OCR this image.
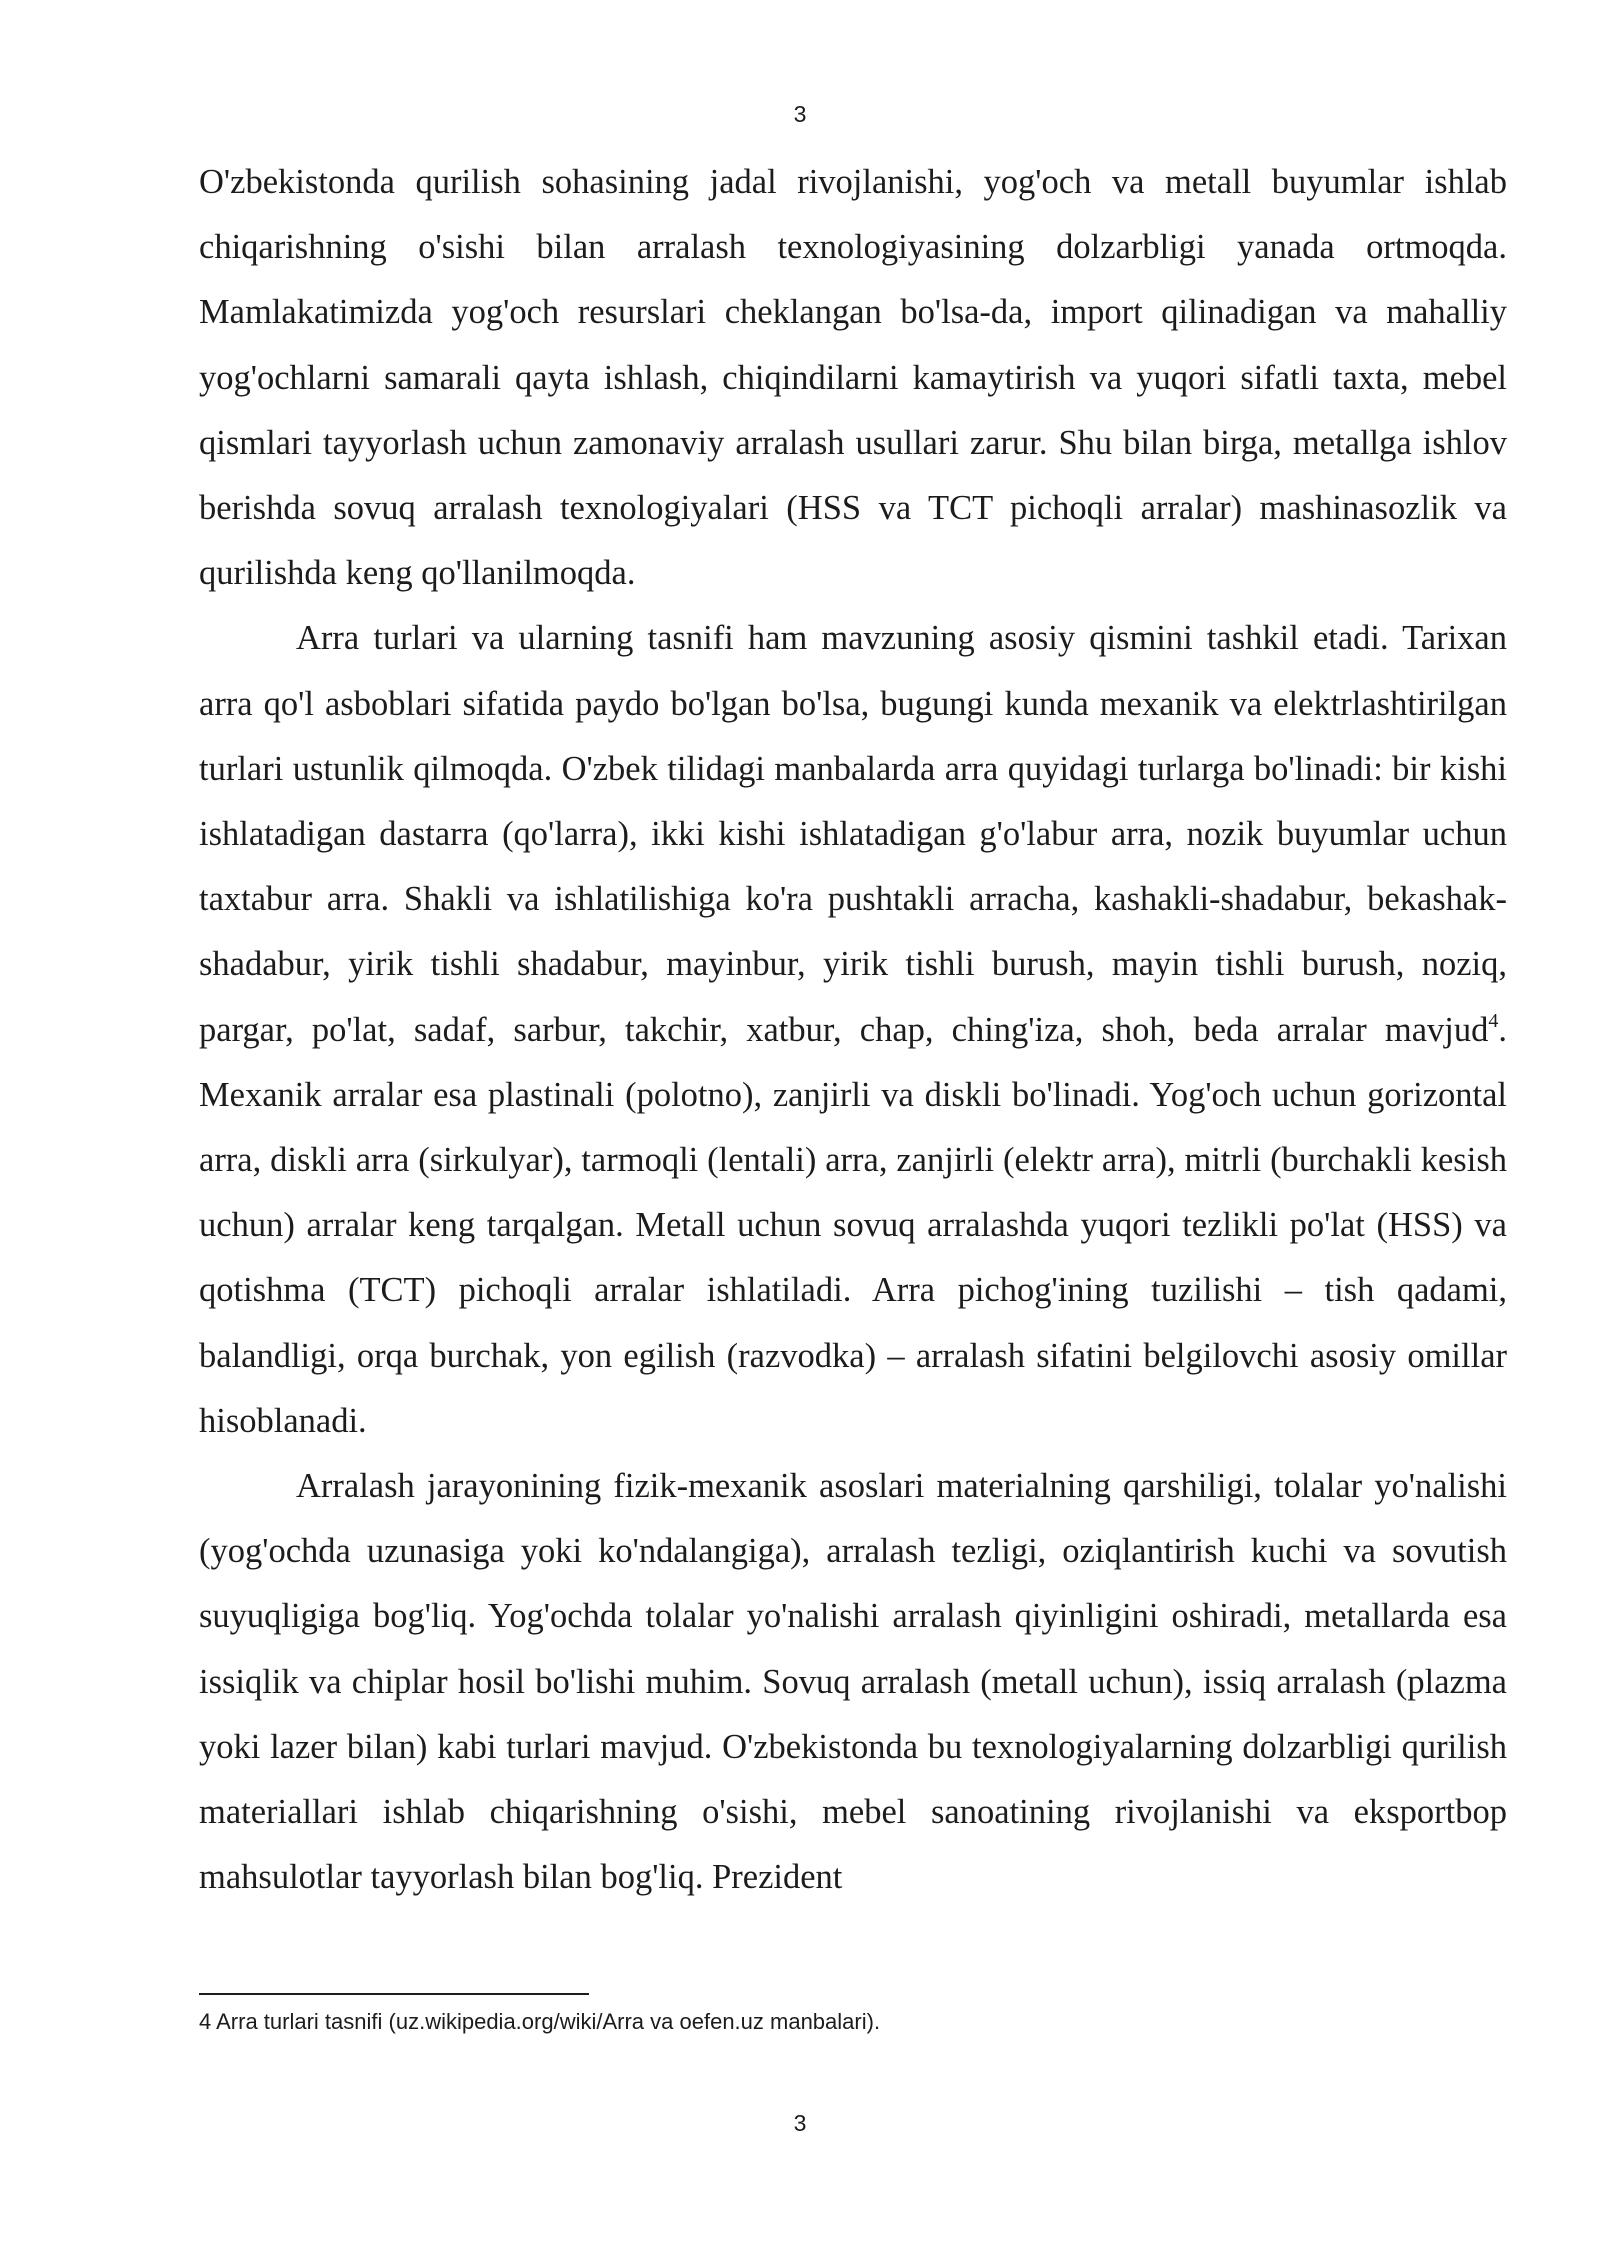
3

O'zbekistonda qurilish sohasining jadal rivojlanishi, yog'och va metall buyumlar ishlab chiqarishning o'sishi bilan arralash texnologiyasining dolzarbligi yanada ortmoqda. Mamlakatimizda yog'och resurslari cheklangan bo'lsa-da, import qilinadigan va mahalliy yog'ochlarni samarali qayta ishlash, chiqindilarni kamaytirish va yuqori sifatli taxta, mebel qismlari tayyorlash uchun zamonaviy arralash usullari zarur. Shu bilan birga, metallga ishlov berishda sovuq arralash texnologiyalari (HSS va TCT pichoqli arralar) mashinasozlik va qurilishda keng qo'llanilmoqda.

Arra turlari va ularning tasnifi ham mavzuning asosiy qismini tashkil etadi. Tarixan arra qo'l asboblari sifatida paydo bo'lgan bo'lsa, bugungi kunda mexanik va elektrlashtirilgan turlari ustunlik qilmoqda. O'zbek tilidagi manbalarda arra quyidagi turlarga bo'linadi: bir kishi ishlatadigan dastarra (qo'larra), ikki kishi ishlatadigan g'o'labur arra, nozik buyumlar uchun taxtabur arra. Shakli va ishlatilishiga ko'ra pushtakli arracha, kashakli-shadabur, bekashak-shadabur, yirik tishli shadabur, mayinbur, yirik tishli burush, mayin tishli burush, noziq, pargar, po'lat, sadaf, sarbur, takchir, xatbur, chap, ching'iza, shoh, beda arralar mavjud$^4$. Mexanik arralar esa plastinali (polotno), zanjirli va diskli bo'linadi. Yog'och uchun gorizontal arra, diskli arra (sirkulyar), tarmoqli (lentali) arra, zanjirli (elektr arra), mitrli (burchakli kesish uchun) arralar keng tarqalgan. Metall uchun sovuq arralashda yuqori tezlikli po'lat (HSS) va qotishma (TCT) pichoqli arralar ishlatiladi. Arra pichog'ining tuzilishi – tish qadami, balandligi, orqa burchak, yon egilish (razvodka) – arralash sifatini belgilovchi asosiy omillar hisoblanadi.

Arralash jarayonining fizik-mexanik asoslari materialning qarshiligi, tolalar yo'nalishi (yog'ochda uzunasiga yoki ko'ndalangiga), arralash tezligi, oziqlantirish kuchi va sovutish suyuqligiga bog'liq. Yog'ochda tolalar yo'nalishi arralash qiyinligini oshiradi, metallarda esa issiqlik va chiplar hosil bo'lishi muhim. Sovuq arralash (metall uchun), issiq arralash (plazma yoki lazer bilan) kabi turlari mavjud. O'zbekistonda bu texnologiyalarning dolzarbligi qurilish materiallari ishlab chiqarishning o'sishi, mebel sanoatining rivojlanishi va eksportbop mahsulotlar tayyorlash bilan bog'liq. Prezident

4 Arra turlari tasnifi (uz.wikipedia.org/wiki/Arra va oefen.uz manbalari).
3
